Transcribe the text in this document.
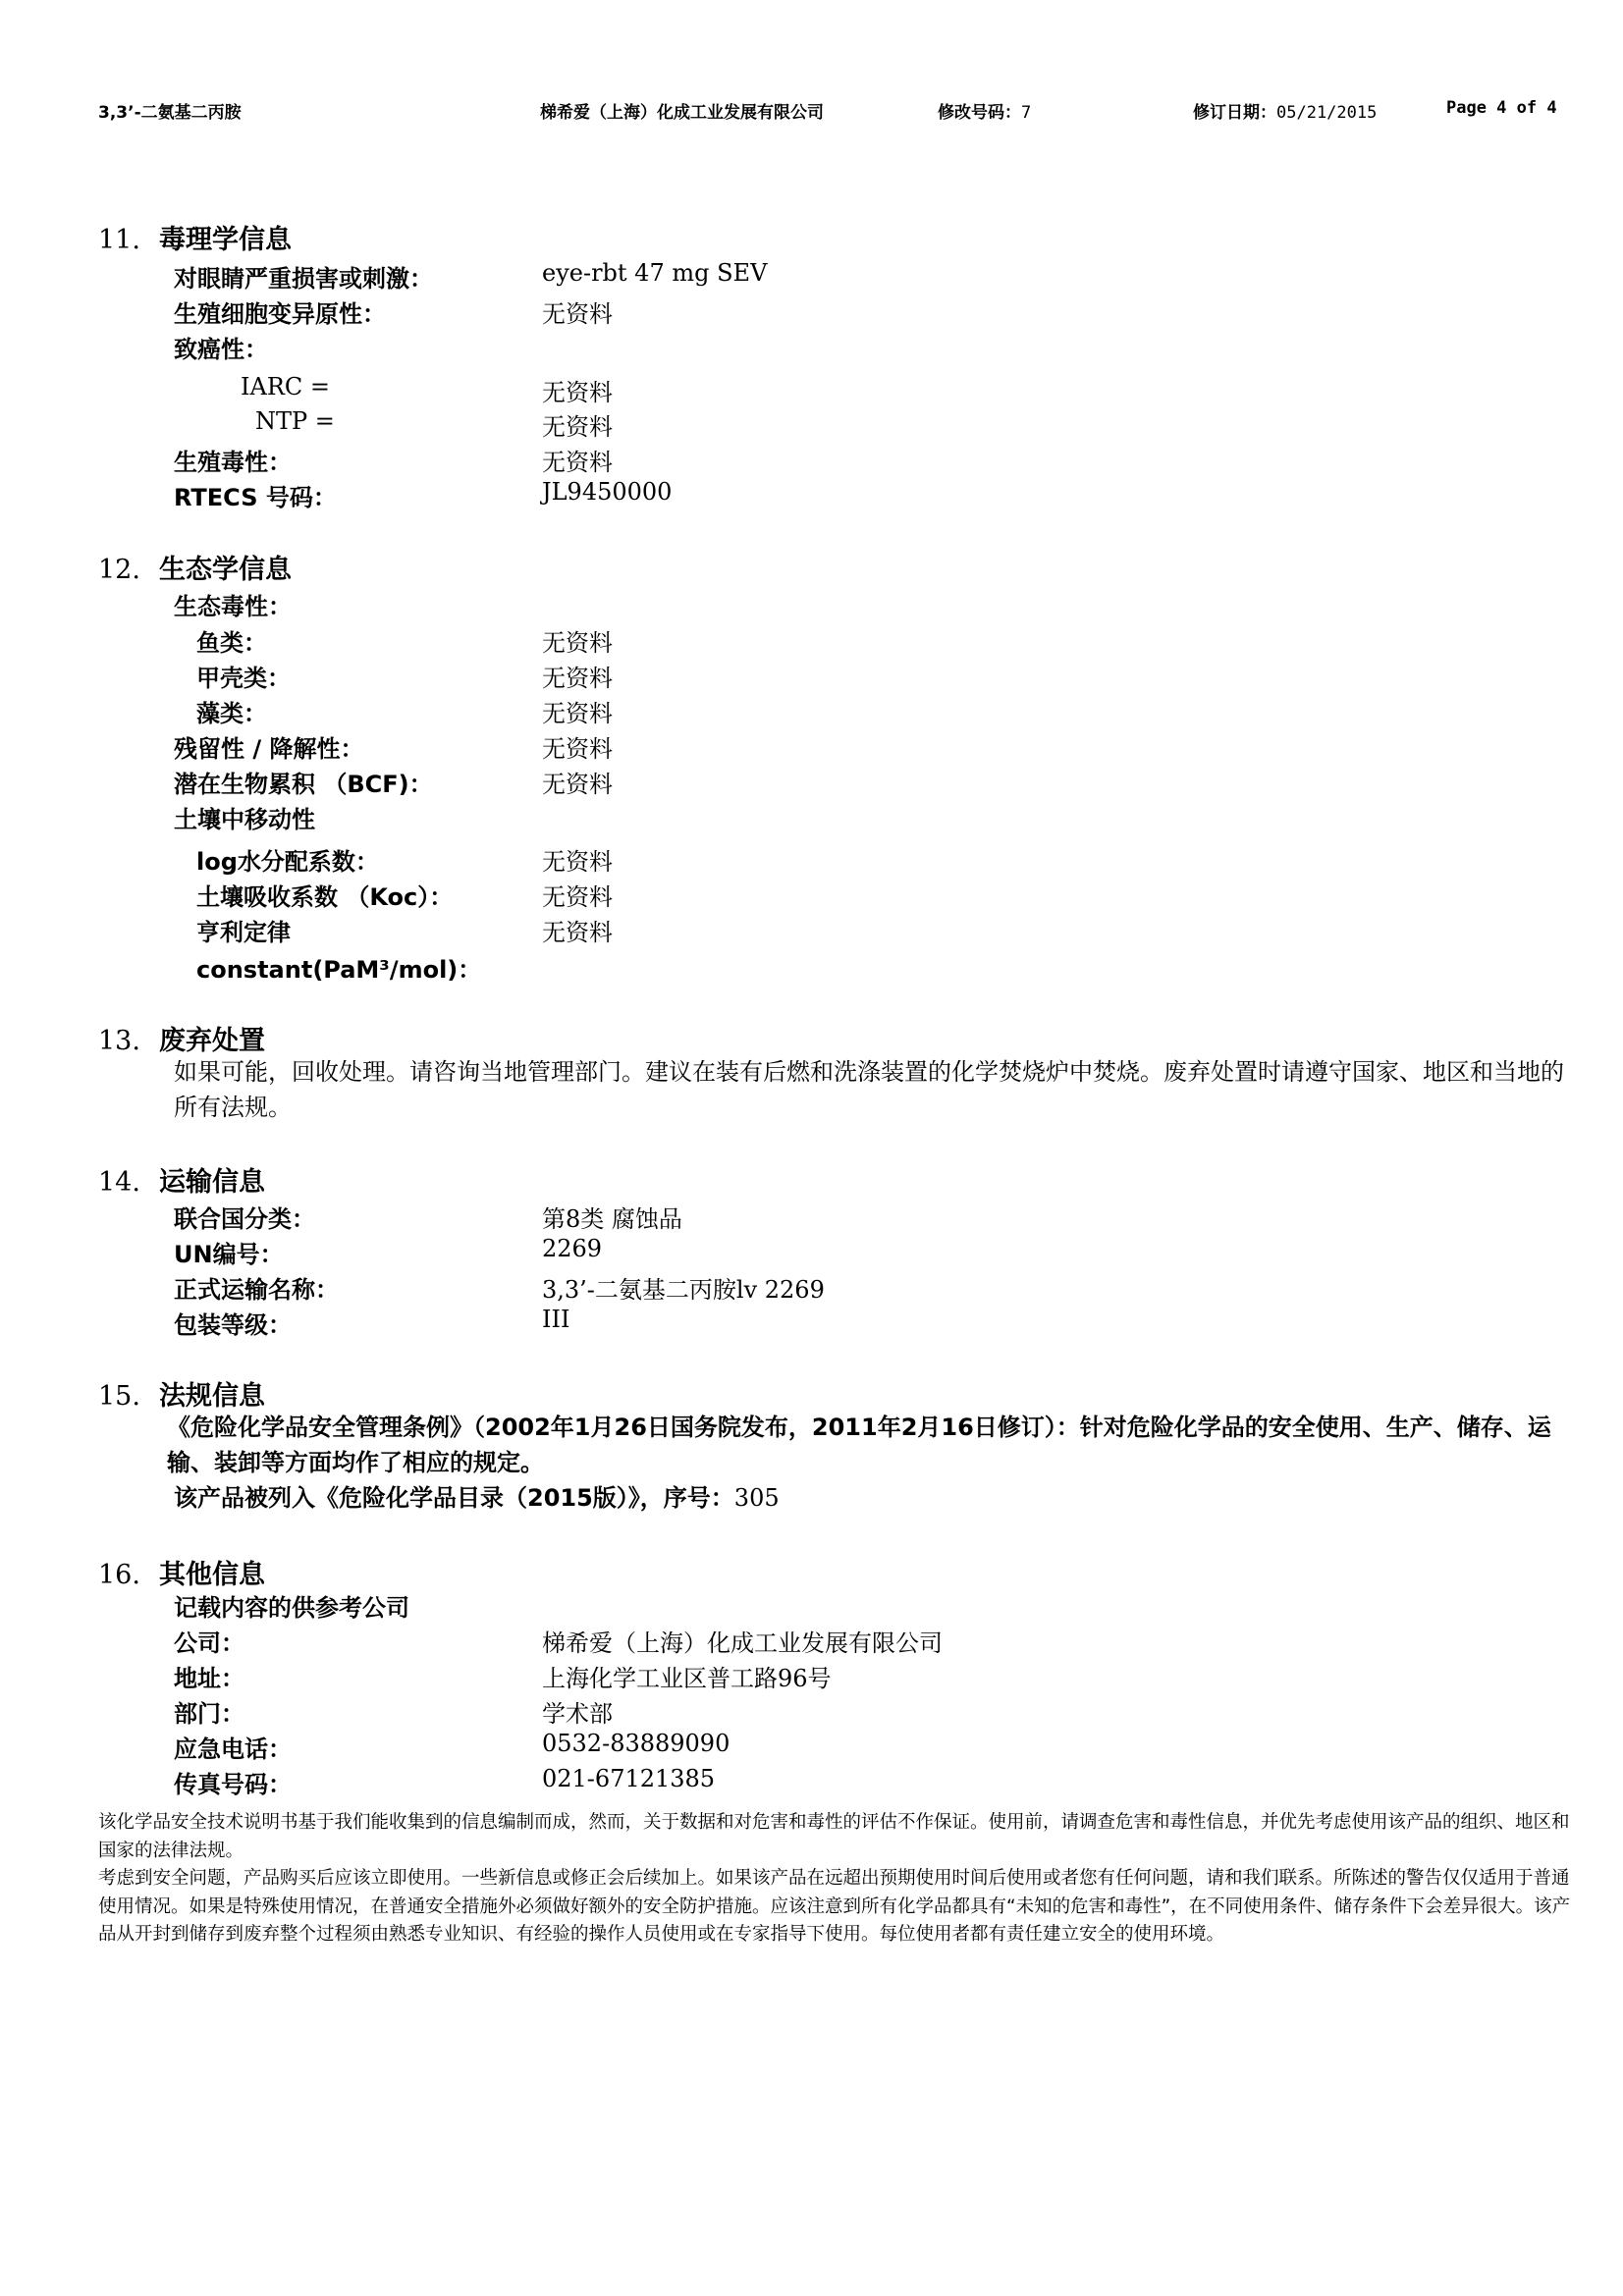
3,3’-二氨基二丙胺	梯希爱（上海）化成工业发展有限公司	修改号码：7	修订日期：05/21/2015	Page 4 of 4
11. 毒理学信息
对眼睛严重损害或刺激：	eye-rbt 47 mg SEV
生殖细胞变异原性：	无资料
致癌性：
IARC =	无资料
NTP =	无资料
生殖毒性：	无资料
RTECS 号码：	JL9450000
12. 生态学信息
生态毒性：
鱼类：	无资料
甲壳类：	无资料
藻类：	无资料
残留性 / 降解性：	无资料
潜在生物累积 （BCF)：	无资料
土壤中移动性
log水分配系数：	无资料
土壤吸收系数 （Koc）：	无资料
亨利定律	无资料
constant(PaM³/mol)：
13. 废弃处置
如果可能，回收处理。请咨询当地管理部门。建议在装有后燃和洗涤装置的化学焚烧炉中焚烧。废弃处置时请遵守国家、地区和当地的所有法规。
14. 运输信息
联合国分类：	第8类 腐蚀品
UN编号：	2269
正式运输名称：	3,3’-二氨基二丙胺lv 2269
包装等级：	III
15. 法规信息
《危险化学品安全管理条例》（2002年1月26日国务院发布，2011年2月16日修订）：针对危险化学品的安全使用、生产、储存、运输、装卸等方面均作了相应的规定。
该产品被列入《危险化学品目录（2015版）》，序号：305
16. 其他信息
记载内容的供参考公司
公司：	梯希爱（上海）化成工业发展有限公司
地址：	上海化学工业区普工路96号
部门：	学术部
应急电话：	0532-83889090
传真号码：	021-67121385

该化学品安全技术说明书基于我们能收集到的信息编制而成，然而，关于数据和对危害和毒性的评估不作保证。使用前，请调查危害和毒性信息，并优先考虑使用该产品的组织、地区和国家的法律法规。

考虑到安全问题，产品购买后应该立即使用。一些新信息或修正会后续加上。如果该产品在远超出预期使用时间后使用或者您有任何问题，请和我们联系。所陈述的警告仅仅适用于普通使用情况。如果是特殊使用情况，在普通安全措施外必须做好额外的安全防护措施。应该注意到所有化学品都具有“未知的危害和毒性”，在不同使用条件、储存条件下会差异很大。该产品从开封到储存到废弃整个过程须由熟悉专业知识、有经验的操作人员使用或在专家指导下使用。每位使用者都有责任建立安全的使用环境。
